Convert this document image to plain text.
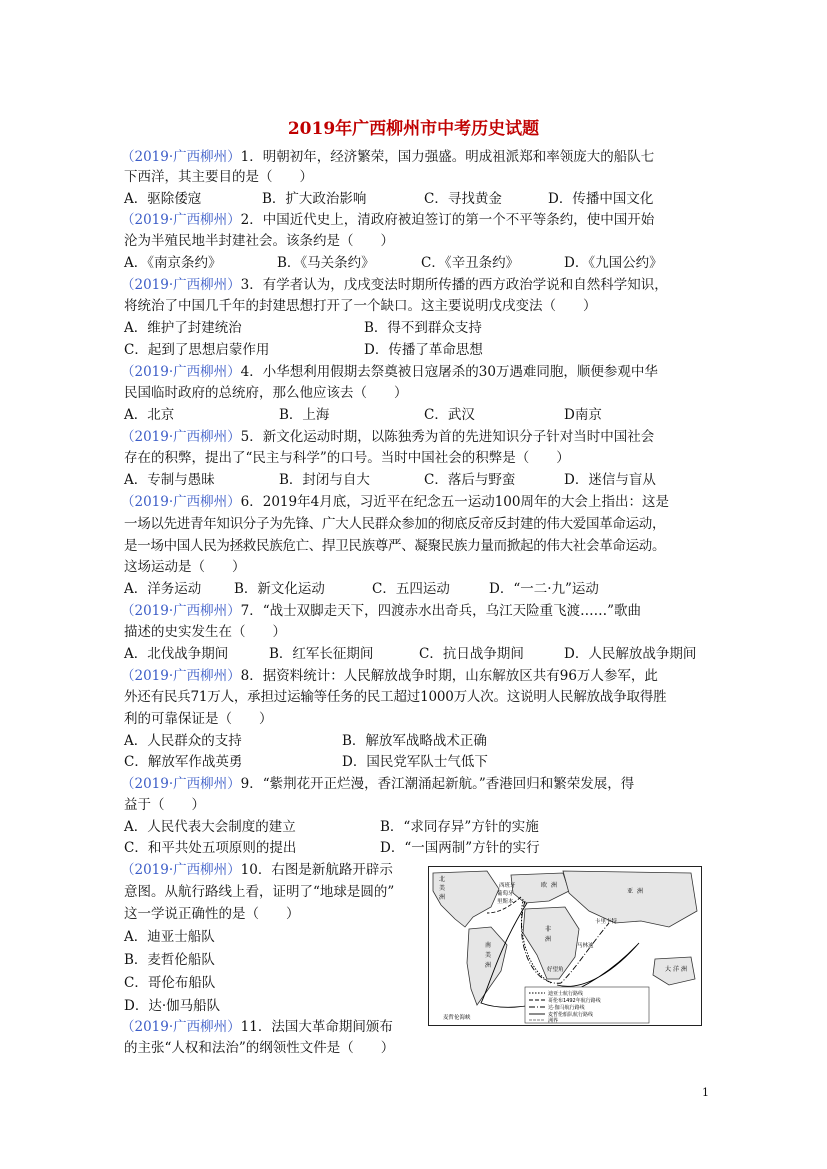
2019年广西柳州市中考历史试题
（2019·广西柳州）1．明朝初年，经济繁荣，国力强盛。明成祖派郑和率领庞大的船队七
下西洋，其主要目的是（　　）
A．驱除倭寇	B．扩大政治影响	C．寻找黄金	D．传播中国文化
（2019·广西柳州）2．中国近代史上，清政府被迫签订的第一个不平等条约，使中国开始
沦为半殖民地半封建社会。该条约是（　　）
A．《南京条约》	B．《马关条约》	C．《辛丑条约》	D．《九国公约》
（2019·广西柳州）3．有学者认为，戊戌变法时期所传播的西方政治学说和自然科学知识，
将统治了中国几千年的封建思想打开了一个缺口。这主要说明戊戌变法（　　）
A．维护了封建统治	B．得不到群众支持
C．起到了思想启蒙作用	D．传播了革命思想
（2019·广西柳州）4．小华想利用假期去祭奠被日寇屠杀的30万遇难同胞，顺便参观中华
民国临时政府的总统府，那么他应该去（　　）
A．北京	B．上海	C．武汉	D南京
（2019·广西柳州）5．新文化运动时期，以陈独秀为首的先进知识分子针对当时中国社会
存在的积弊，提出了“民主与科学”的口号。当时中国社会的积弊是（　　）
A．专制与愚昧	B．封闭与自大	C．落后与野蛮	D．迷信与盲从
（2019·广西柳州）6．2019年4月底，习近平在纪念五一运动100周年的大会上指出：这是
一场以先进青年知识分子为先锋、广大人民群众参加的彻底反帝反封建的伟大爱国革命运动，
是一场中国人民为拯救民族危亡、捍卫民族尊严、凝聚民族力量而掀起的伟大社会革命运动。
这场运动是（　　）
A．洋务运动 B．新文化运动	C．五四运动	D．“一二·九”运动
（2019·广西柳州）7．“战士双脚走天下，四渡赤水出奇兵，乌江天险重飞渡……”歌曲
描述的史实发生在（　　）
A．北伐战争期间	B．红军长征期间	C．抗日战争期间	D．人民解放战争期间
（2019·广西柳州）8．据资料统计：人民解放战争时期，山东解放区共有96万人参军，此
外还有民兵71万人，承担过运输等任务的民工超过1000万人次。这说明人民解放战争取得胜
利的可靠保证是（　　）
A．人民群众的支持	B．解放军战略战术正确
C．解放军作战英勇	D．国民党军队士气低下
（2019·广西柳州）9．“紫荆花开正烂漫，香江潮涌起新航。”香港回归和繁荣发展，得
益于（　　）
A．人民代表大会制度的建立	B．“求同存异”方针的实施
C．和平共处五项原则的提出	D．“一国两制”方针的实行
（2019·广西柳州）10．右图是新航路开辟示
意图。从航行路线上看，证明了“地球是圆的”
这一学说正确性的是（　　）
A．迪亚士船队
B．麦哲伦船队
C．哥伦布船队
D．达·伽马船队
（2019·广西柳州）11．法国大革命期间颁布
的主张“人权和法治”的纲领性文件是（　　）
北
美
洲
西班牙
葡萄牙
里斯本
欧 洲
亚 洲
非
洲
马林迪
卡里卡特
南
美
洲
好望角
麦哲伦海峡
大 洋 洲
迪亚士航行路线
哥伦布1492年航行路线
达·伽马航行路线
麦哲伦船队航行路线
洲界
1
